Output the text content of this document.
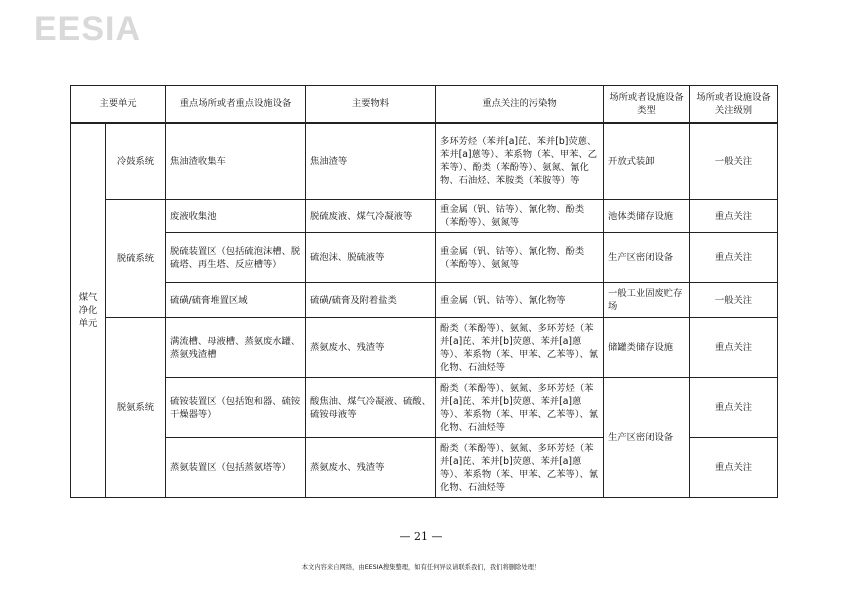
EESIA
主要单元		重点场所或者重点设施设备	主要物料	重点关注的污染物	场所或者设施设备类型	场所或者设施设备关注级别
煤气净化单元	冷鼓系统	焦油渣收集车	焦油渣等	多环芳烃（苯并[a]芘、苯并[b]荧蒽、苯并[a]蒽等）、苯系物（苯、甲苯、乙苯等）、酚类（苯酚等）、氨氮、氰化物、石油烃、苯胺类（苯胺等）等	开放式装卸	一般关注
	脱硫系统	废液收集池	脱硫废液、煤气冷凝液等	重金属（钒、钴等）、氰化物、酚类（苯酚等）、氨氮等	池体类储存设施	重点关注
		脱硫装置区（包括硫泡沫槽、脱硫塔、再生塔、反应槽等）	硫泡沫、脱硫液等	重金属（钒、钴等）、氰化物、酚类（苯酚等）、氨氮等	生产区密闭设备	重点关注
		硫磺/硫膏堆置区域	硫磺/硫膏及附着盐类	重金属（钒、钴等）、氰化物等	一般工业固废贮存场	一般关注
	脱氨系统	满流槽、母液槽、蒸氨废水罐、蒸氨残渣槽	蒸氨废水、残渣等	酚类（苯酚等）、氨氮、多环芳烃（苯并[a]芘、苯并[b]荧蒽、苯并[a]蒽等）、苯系物（苯、甲苯、乙苯等）、氰化物、石油烃等	储罐类储存设施	重点关注
		硫铵装置区（包括饱和器、硫铵干燥器等）	酸焦油、煤气冷凝液、硫酸、硫铵母液等	酚类（苯酚等）、氨氮、多环芳烃（苯并[a]芘、苯并[b]荧蒽、苯并[a]蒽等）、苯系物（苯、甲苯、乙苯等）、氰化物、石油烃等	生产区密闭设备	重点关注
		蒸氨装置区（包括蒸氨塔等）	蒸氨废水、残渣等	酚类（苯酚等）、氨氮、多环芳烃（苯并[a]芘、苯并[b]荧蒽、苯并[a]蒽等）、苯系物（苯、甲苯、乙苯等）、氰化物、石油烃等		重点关注
— 21 —
本文内容来自网络，由EESIA搜集整理，如有任何异议请联系我们，我们将删除处理！
